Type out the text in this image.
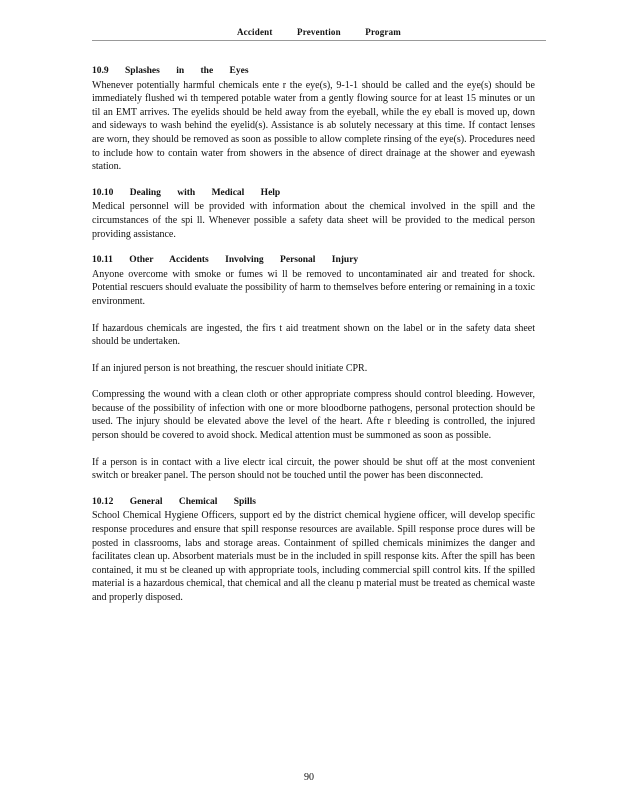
Accident Prevention Program
10.9 Splashes in the Eyes

Whenever potentially harmful chemicals ente r the eye(s), 9-1-1 should be called and the eye(s) should be immediately flushed wi th tempered potable water from a gently flowing source for at least 15 minutes or un til an EMT arrives. The eyelids should be held away from the eyeball, while the ey eball is moved up, down and sideways to wash behind the eyelid(s). Assistance is ab solutely necessary at this time. If contact lenses are worn, they should be removed as soon as possible to allow complete rinsing of the eye(s). Procedures need to include how to contain water from showers in the absence of direct drainage at the shower and eyewash station.

10.10 Dealing with Medical Help

Medical personnel will be provided with information about the chemical involved in the spill and the circumstances of the spi ll. Whenever possible a safety data sheet will be provided to the medical person providing assistance.

10.11 Other Accidents Involving Personal Injury

Anyone overcome with smoke or fumes wi ll be removed to uncontaminated air and treated for shock. Potential rescuers should evaluate the possibility of harm to themselves before entering or remaining in a toxic environment.

If hazardous chemicals are ingested, the firs t aid treatment shown on the label or in the safety data sheet should be undertaken.

If an injured person is not breathing, the rescuer should initiate CPR.

Compressing the wound with a clean cloth or other appropriate compress should control bleeding. However, because of the possibility of infection with one or more bloodborne pathogens, personal protection should be used. The injury should be elevated above the level of the heart. Afte r bleeding is controlled, the injured person should be covered to avoid shock. Medical attention must be summoned as soon as possible.

If a person is in contact with a live electr ical circuit, the power should be shut off at the most convenient switch or breaker panel. The person should not be touched until the power has been disconnected.

10.12 General Chemical Spills

School Chemical Hygiene Officers, support ed by the district chemical hygiene officer, will develop specific response procedures and ensure that spill response resources are available. Spill response proce dures will be posted in classrooms, labs and storage areas. Containment of spilled chemicals minimizes the danger and facilitates clean up. Absorbent materials must be in the included in spill response kits. After the spill has been contained, it mu st be cleaned up with appropriate tools, including commercial spill control kits. If the spilled material is a hazardous chemical, that chemical and all the cleanu p material must be treated as chemical waste and properly disposed.

90
